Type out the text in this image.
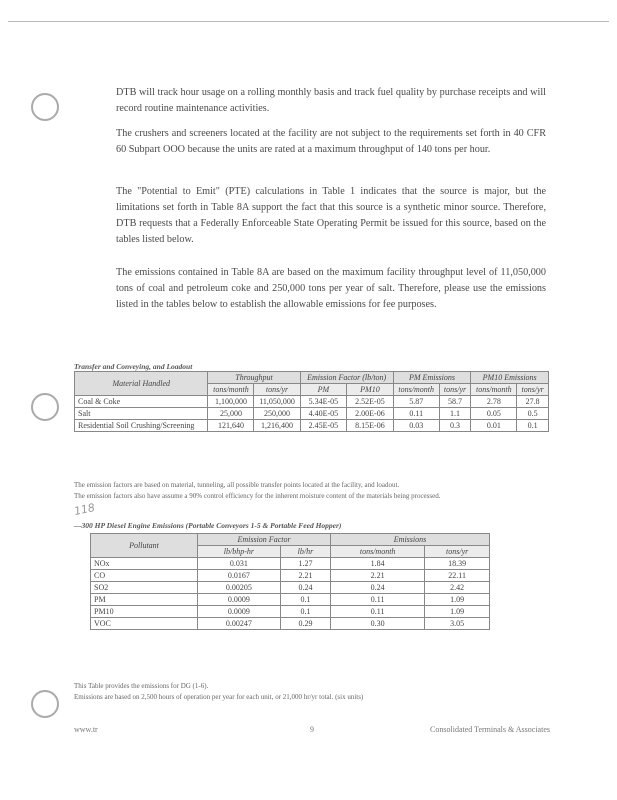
DTB will track hour usage on a rolling monthly basis and track fuel quality by purchase receipts and will record routine maintenance activities.

The crushers and screeners located at the facility are not subject to the requirements set forth in 40 CFR 60 Subpart OOO because the units are rated at a maximum throughput of 140 tons per hour.

The "Potential to Emit" (PTE) calculations in Table 1 indicates that the source is major, but the limitations set forth in Table 8A support the fact that this source is a synthetic minor source. Therefore, DTB requests that a Federally Enforceable State Operating Permit be issued for this source, based on the tables listed below.

The emissions contained in Table 8A are based on the maximum facility throughput level of 11,050,000 tons of coal and petroleum coke and 250,000 tons per year of salt. Therefore, please use the emissions listed in the tables below to establish the allowable emissions for fee purposes.

Transfer and Conveying, and Loadout
Material Handled	Throughput		Emission Factor (lb/ton)		PM Emissions		PM10 Emissions	
	tons/month	tons/yr	PM	PM10	tons/month	tons/yr	tons/month	tons/yr
Coal & Coke	1,100,000	11,050,000	5.34E-05	2.52E-05	5.87	58.7	2.78	27.8
Salt	25,000	250,000	4.40E-05	2.00E-06	0.11	1.1	0.05	0.5
Residential Soil Crushing/Screening	121,640	1,216,400	2.45E-05	8.15E-06	0.03	0.3	0.01	0.1
The emission factors are based on material, tunneling, all possible transfer points located at the facility, and loadout.
The emission factors also have assume a 90% control efficiency for the inherent moisture content of the materials being processed.
118
—300 HP Diesel Engine Emissions (Portable Conveyors 1-5 & Portable Feed Hopper)
Pollutant	Emission Factor		Emissions	
	lb/bhp-hr	lb/hr	tons/month	tons/yr
NOx	0.031	1.27	1.84	18.39
CO	0.0167	2.21	2.21	22.11
SO2	0.00205	0.24	0.24	2.42
PM	0.0009	0.1	0.11	1.09
PM10	0.0009	0.1	0.11	1.09
VOC	0.00247	0.29	0.30	3.05
This Table provides the emissions for DG (1-6).
Emissions are based on 2,500 hours of operation per year for each unit, or 21,000 hr/yr total. (six units)
www.tr	9	Consolidated Terminals & Associates
